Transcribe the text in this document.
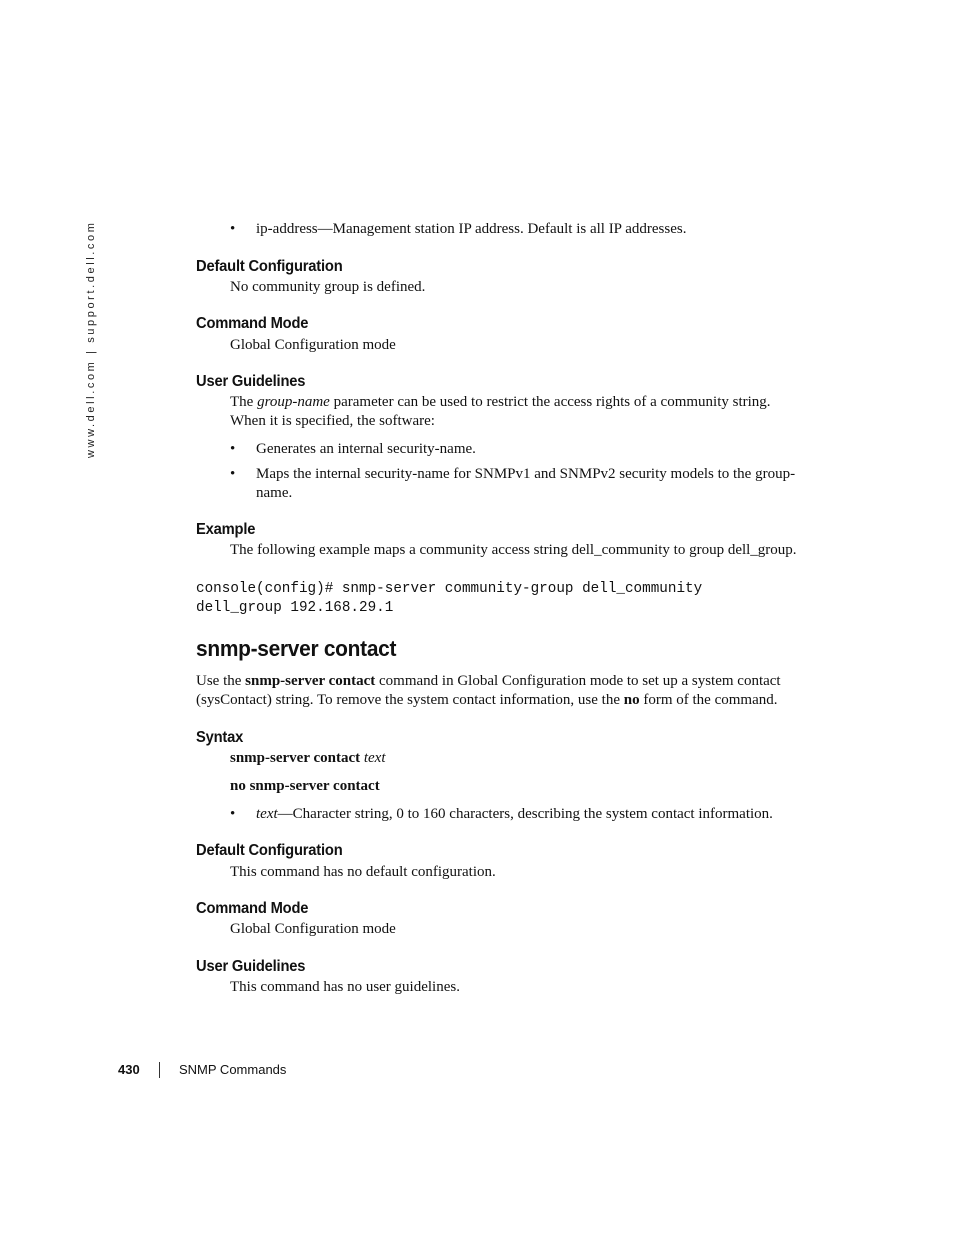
www.dell.com | support.dell.com	• ip-address—Management station IP address. Default is all IP addresses.
Default Configuration
No community group is defined.
Command Mode
Global Configuration mode
User Guidelines
The group-name parameter can be used to restrict the access rights of a community string.
When it is specified, the software:
• Generates an internal security-name.
• Maps the internal security-name for SNMPv1 and SNMPv2 security models to the group-
name.
Example
The following example maps a community access string dell_community to group dell_group.
console(config)# snmp-server community-group dell_community
dell_group 192.168.29.1
snmp-server contact
Use the snmp-server contact command in Global Configuration mode to set up a system contact
(sysContact) string. To remove the system contact information, use the no form of the command.
Syntax
snmp-server contact text
no snmp-server contact
• text—Character string, 0 to 160 characters, describing the system contact information.
Default Configuration
This command has no default configuration.
Command Mode
Global Configuration mode
User Guidelines
This command has no user guidelines.
430	SNMP Commands
